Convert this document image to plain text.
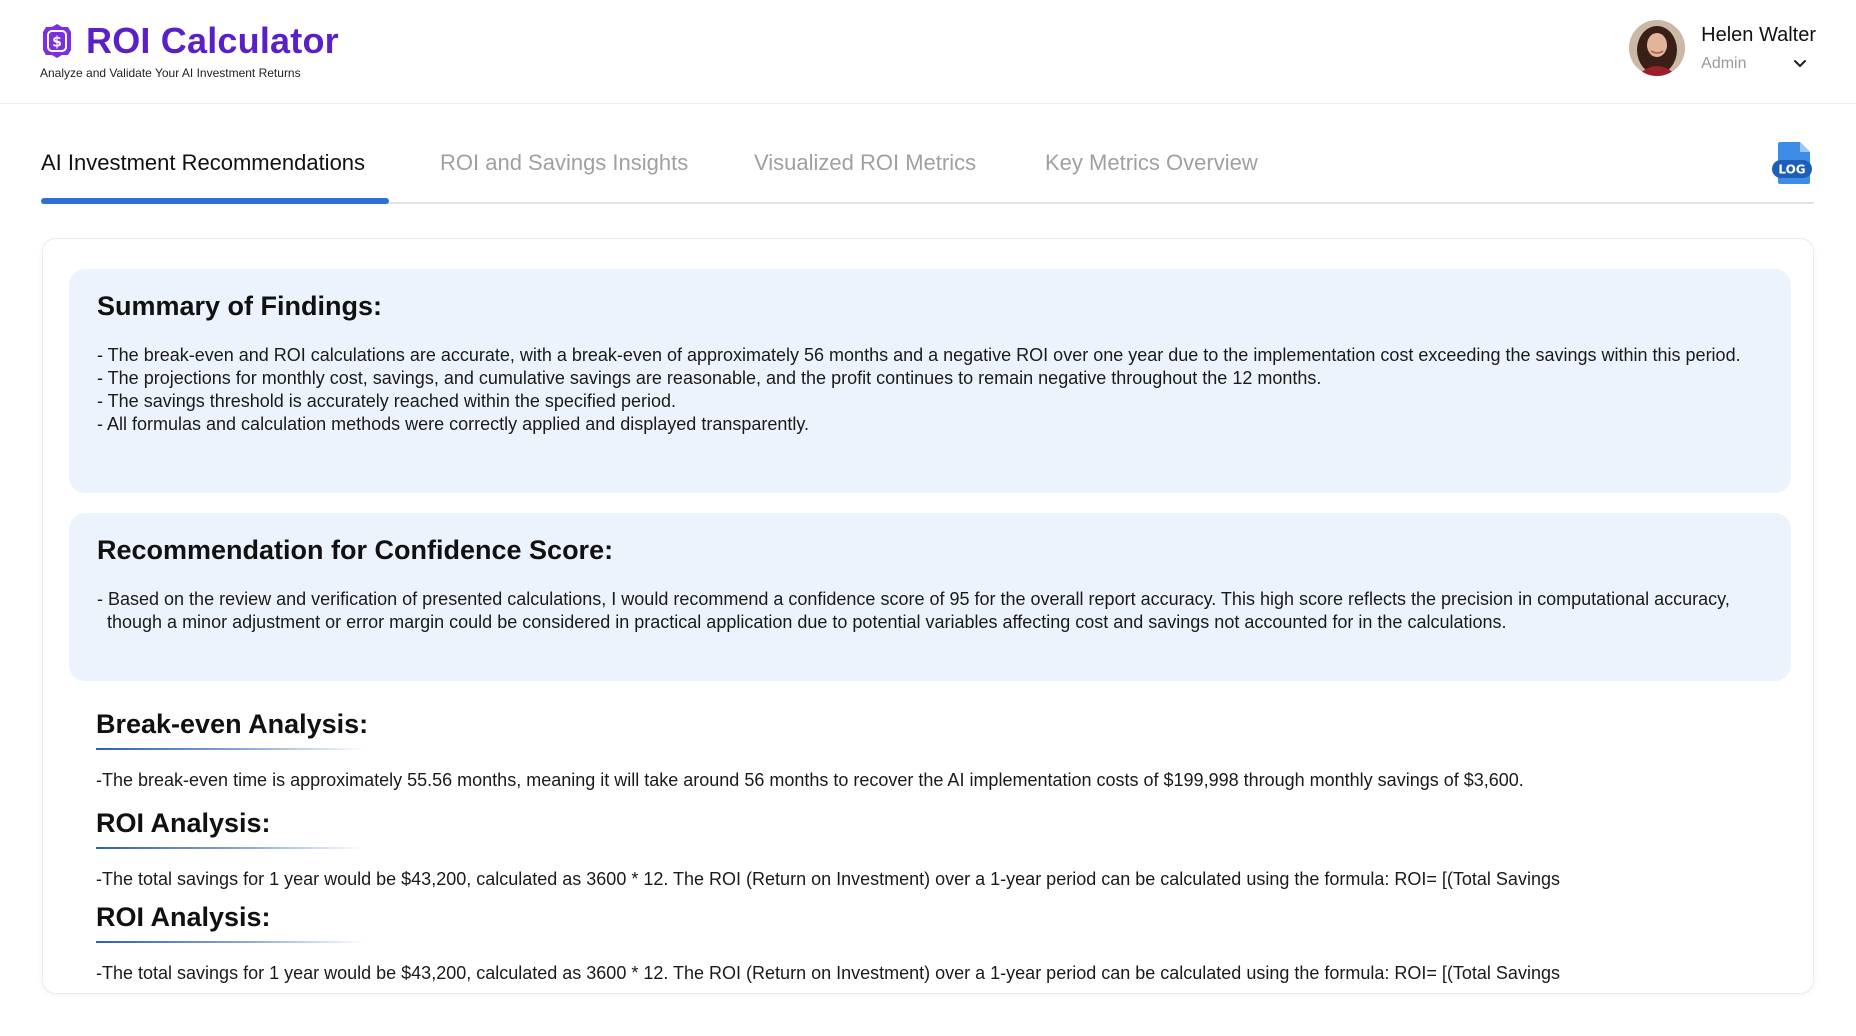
$ ROI Calculator
Analyze and Validate Your AI Investment Returns
Helen Walter
Admin
AI Investment Recommendations	ROI and Savings Insights	Visualized ROI Metrics	Key Metrics Overview	LOG
Summary of Findings:
- The break-even and ROI calculations are accurate, with a break-even of approximately 56 months and a negative ROI over one year due to the implementation cost exceeding the savings within this period.
- The projections for monthly cost, savings, and cumulative savings are reasonable, and the profit continues to remain negative throughout the 12 months.
- The savings threshold is accurately reached within the specified period.
- All formulas and calculation methods were correctly applied and displayed transparently.
Recommendation for Confidence Score:
- Based on the review and verification of presented calculations, I would recommend a confidence score of 95 for the overall report accuracy. This high score reflects the precision in computational accuracy, though a minor adjustment or error margin could be considered in practical application due to potential variables affecting cost and savings not accounted for in the calculations.
Break-even Analysis:

-The break-even time is approximately 55.56 months, meaning it will take around 56 months to recover the AI implementation costs of $199,998 through monthly savings of $3,600.

ROI Analysis:

-The total savings for 1 year would be $43,200, calculated as 3600 * 12. The ROI (Return on Investment) over a 1-year period can be calculated using the formula: ROI= [(Total Savings

ROI Analysis:

-The total savings for 1 year would be $43,200, calculated as 3600 * 12. The ROI (Return on Investment) over a 1-year period can be calculated using the formula: ROI= [(Total Savings
